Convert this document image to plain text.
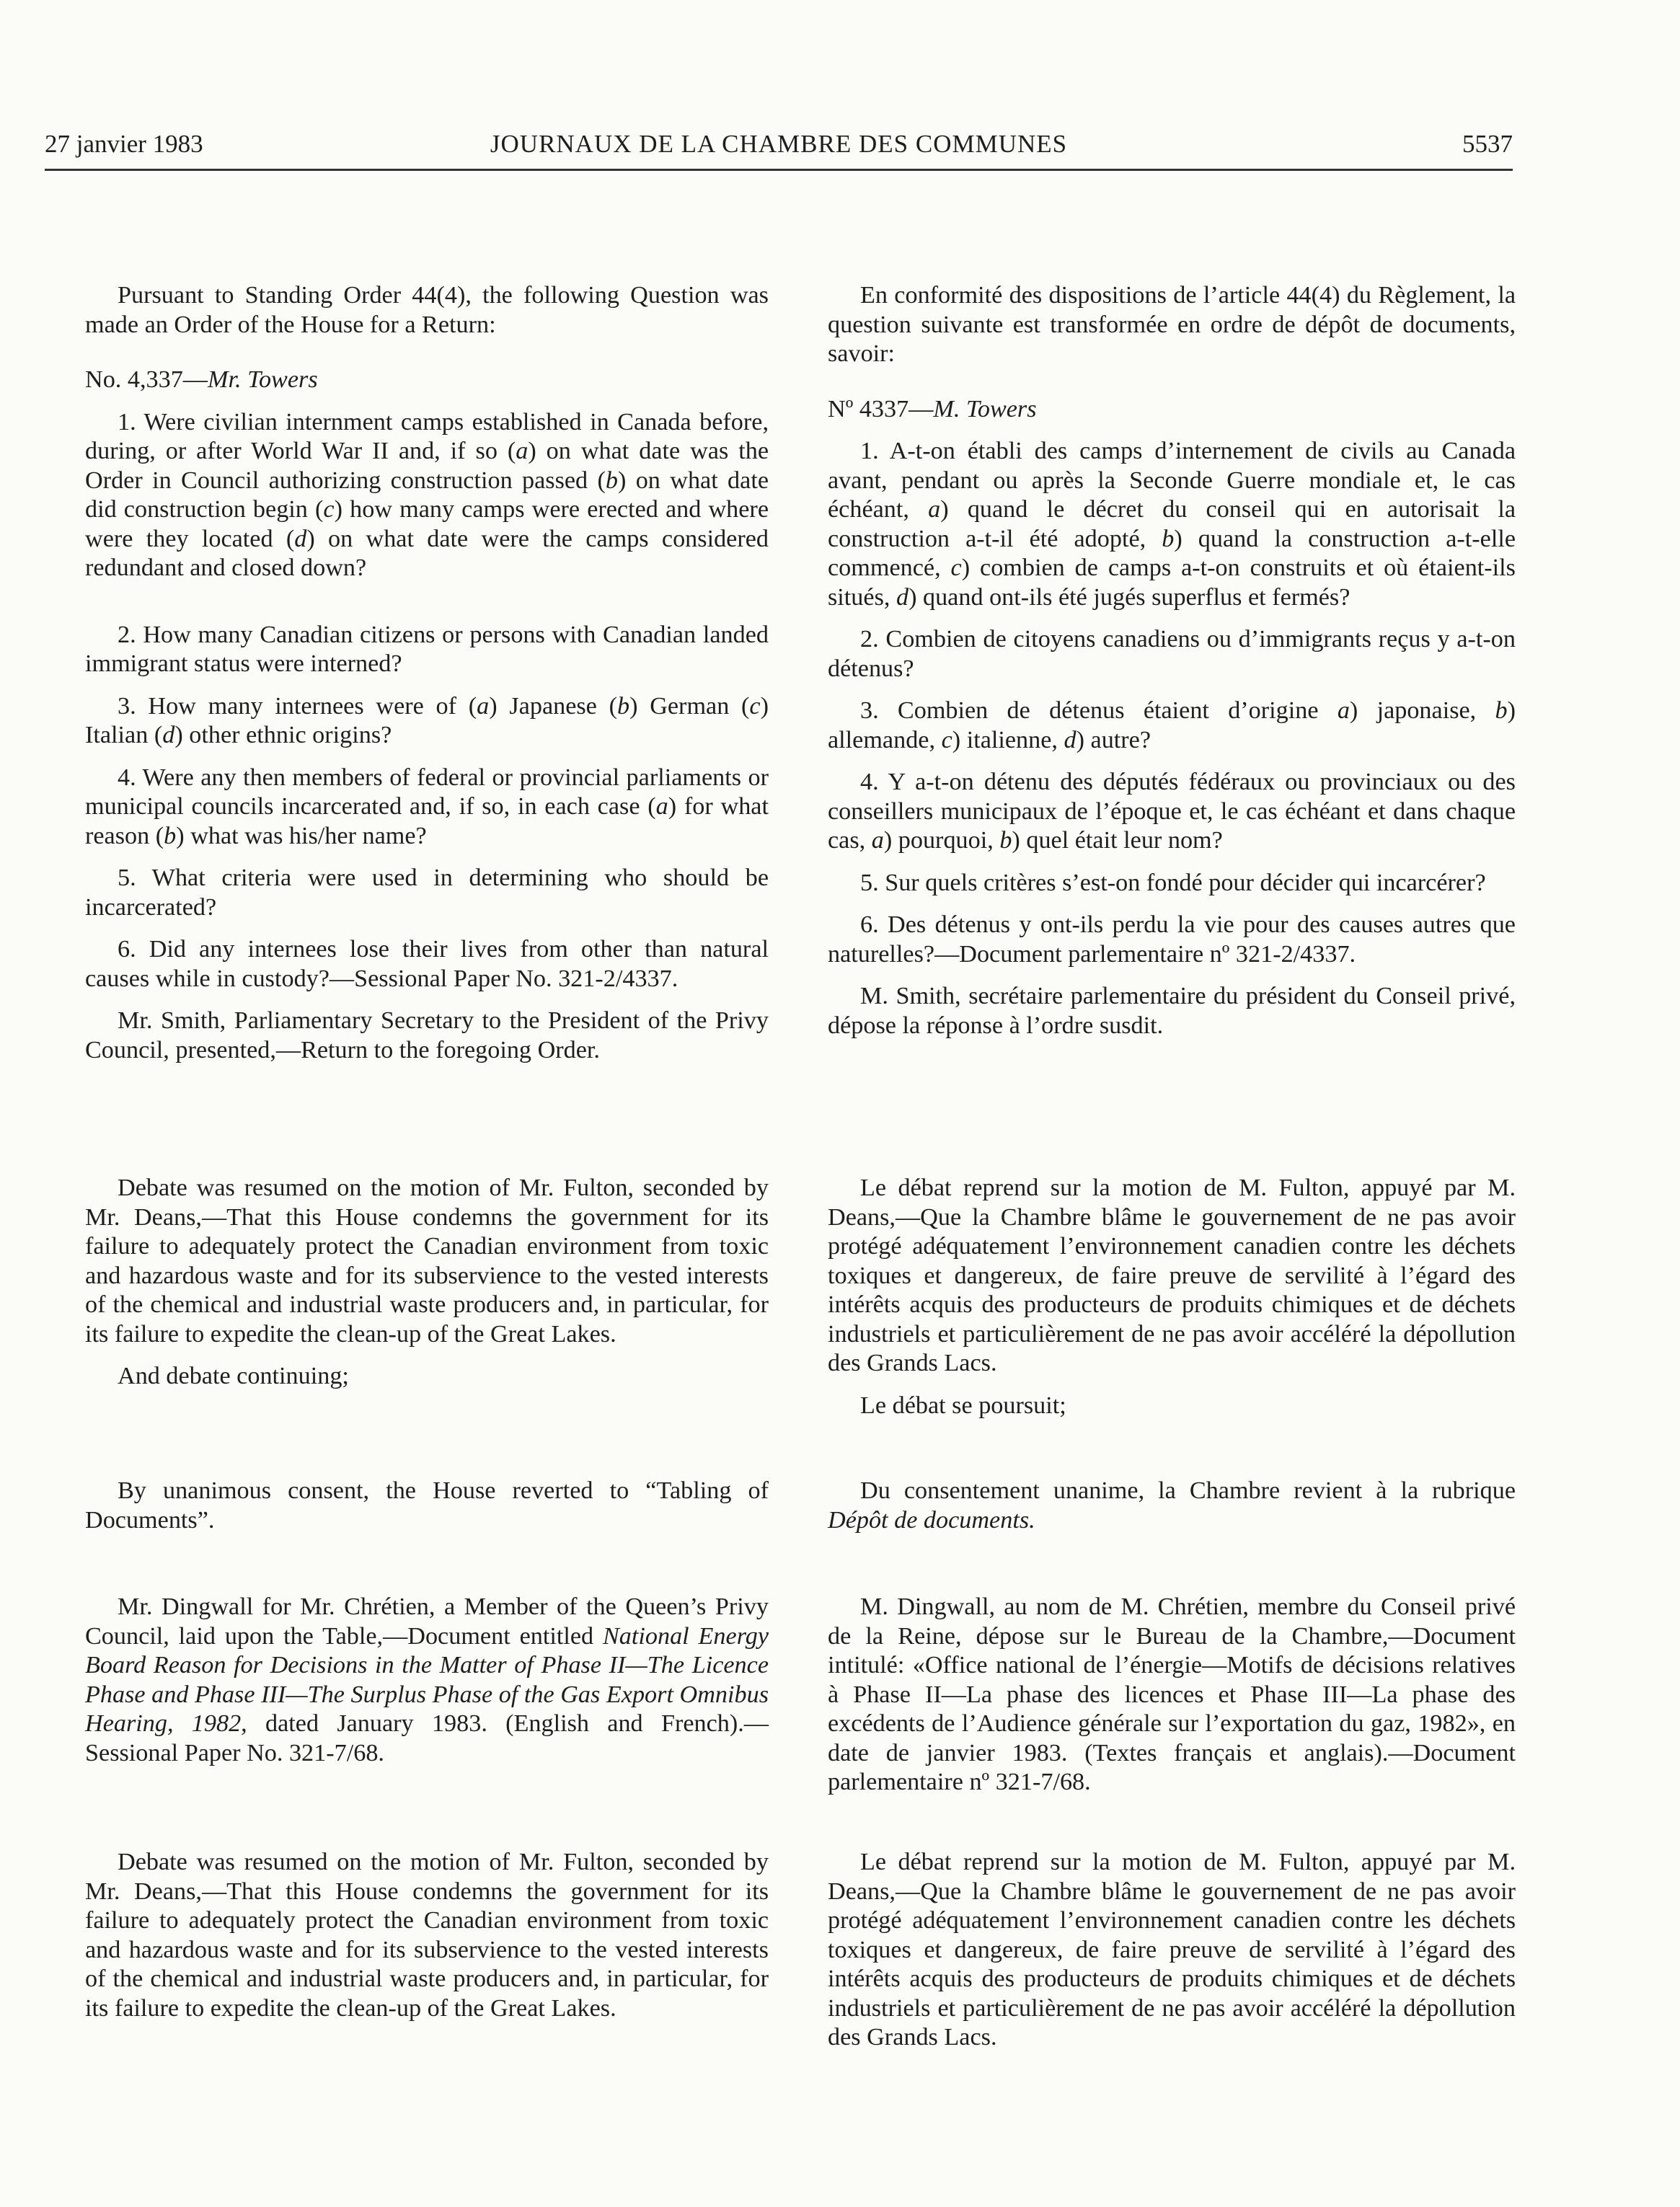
27 janvier 1983	JOURNAUX DE LA CHAMBRE DES COMMUNES	5537

Pursuant to Standing Order 44(4), the following Question was made an Order of the House for a Return:

No. 4,337—Mr. Towers

1. Were civilian internment camps established in Canada before, during, or after World War II and, if so (a) on what date was the Order in Council authorizing construction passed (b) on what date did construction begin (c) how many camps were erected and where were they located (d) on what date were the camps considered redundant and closed down?

2. How many Canadian citizens or persons with Canadian landed immigrant status were interned?

3. How many internees were of (a) Japanese (b) German (c) Italian (d) other ethnic origins?

4. Were any then members of federal or provincial parliaments or municipal councils incarcerated and, if so, in each case (a) for what reason (b) what was his/her name?

5. What criteria were used in determining who should be incarcerated?

6. Did any internees lose their lives from other than natural causes while in custody?—Sessional Paper No. 321-2/4337.

Mr. Smith, Parliamentary Secretary to the President of the Privy Council, presented,—Return to the foregoing Order.

Debate was resumed on the motion of Mr. Fulton, seconded by Mr. Deans,—That this House condemns the government for its failure to adequately protect the Canadian environment from toxic and hazardous waste and for its subservience to the vested interests of the chemical and industrial waste producers and, in particular, for its failure to expedite the clean-up of the Great Lakes.

And debate continuing;

By unanimous consent, the House reverted to “Tabling of Documents”.

Mr. Dingwall for Mr. Chrétien, a Member of the Queen’s Privy Council, laid upon the Table,—Document entitled National Energy Board Reason for Decisions in the Matter of Phase II—The Licence Phase and Phase III—The Surplus Phase of the Gas Export Omnibus Hearing, 1982, dated January 1983. (English and French).—Sessional Paper No. 321-7/68.

Debate was resumed on the motion of Mr. Fulton, seconded by Mr. Deans,—That this House condemns the government for its failure to adequately protect the Canadian environment from toxic and hazardous waste and for its subservience to the vested interests of the chemical and industrial waste producers and, in particular, for its failure to expedite the clean-up of the Great Lakes.

En conformité des dispositions de l’article 44(4) du Règlement, la question suivante est transformée en ordre de dépôt de documents, savoir:

Nº 4337—M. Towers

1. A-t-on établi des camps d’internement de civils au Canada avant, pendant ou après la Seconde Guerre mondiale et, le cas échéant, a) quand le décret du conseil qui en autorisait la construction a-t-il été adopté, b) quand la construction a-t-elle commencé, c) combien de camps a-t-on construits et où étaient-ils situés, d) quand ont-ils été jugés superflus et fermés?

2. Combien de citoyens canadiens ou d’immigrants reçus y a-t-on détenus?

3. Combien de détenus étaient d’origine a) japonaise, b) allemande, c) italienne, d) autre?

4. Y a-t-on détenu des députés fédéraux ou provinciaux ou des conseillers municipaux de l’époque et, le cas échéant et dans chaque cas, a) pourquoi, b) quel était leur nom?

5. Sur quels critères s’est-on fondé pour décider qui incarcérer?

6. Des détenus y ont-ils perdu la vie pour des causes autres que naturelles?—Document parlementaire nº 321-2/4337.

M. Smith, secrétaire parlementaire du président du Conseil privé, dépose la réponse à l’ordre susdit.

Le débat reprend sur la motion de M. Fulton, appuyé par M. Deans,—Que la Chambre blâme le gouvernement de ne pas avoir protégé adéquatement l’environnement canadien contre les déchets toxiques et dangereux, de faire preuve de servilité à l’égard des intérêts acquis des producteurs de produits chimiques et de déchets industriels et particulièrement de ne pas avoir accéléré la dépollution des Grands Lacs.

Le débat se poursuit;

Du consentement unanime, la Chambre revient à la rubrique Dépôt de documents.

M. Dingwall, au nom de M. Chrétien, membre du Conseil privé de la Reine, dépose sur le Bureau de la Chambre,—Document intitulé: «Office national de l’énergie—Motifs de décisions relatives à Phase II—La phase des licences et Phase III—La phase des excédents de l’Audience générale sur l’exportation du gaz, 1982», en date de janvier 1983. (Textes français et anglais).—Document parlementaire nº 321-7/68.

Le débat reprend sur la motion de M. Fulton, appuyé par M. Deans,—Que la Chambre blâme le gouvernement de ne pas avoir protégé adéquatement l’environnement canadien contre les déchets toxiques et dangereux, de faire preuve de servilité à l’égard des intérêts acquis des producteurs de produits chimiques et de déchets industriels et particulièrement de ne pas avoir accéléré la dépollution des Grands Lacs.
